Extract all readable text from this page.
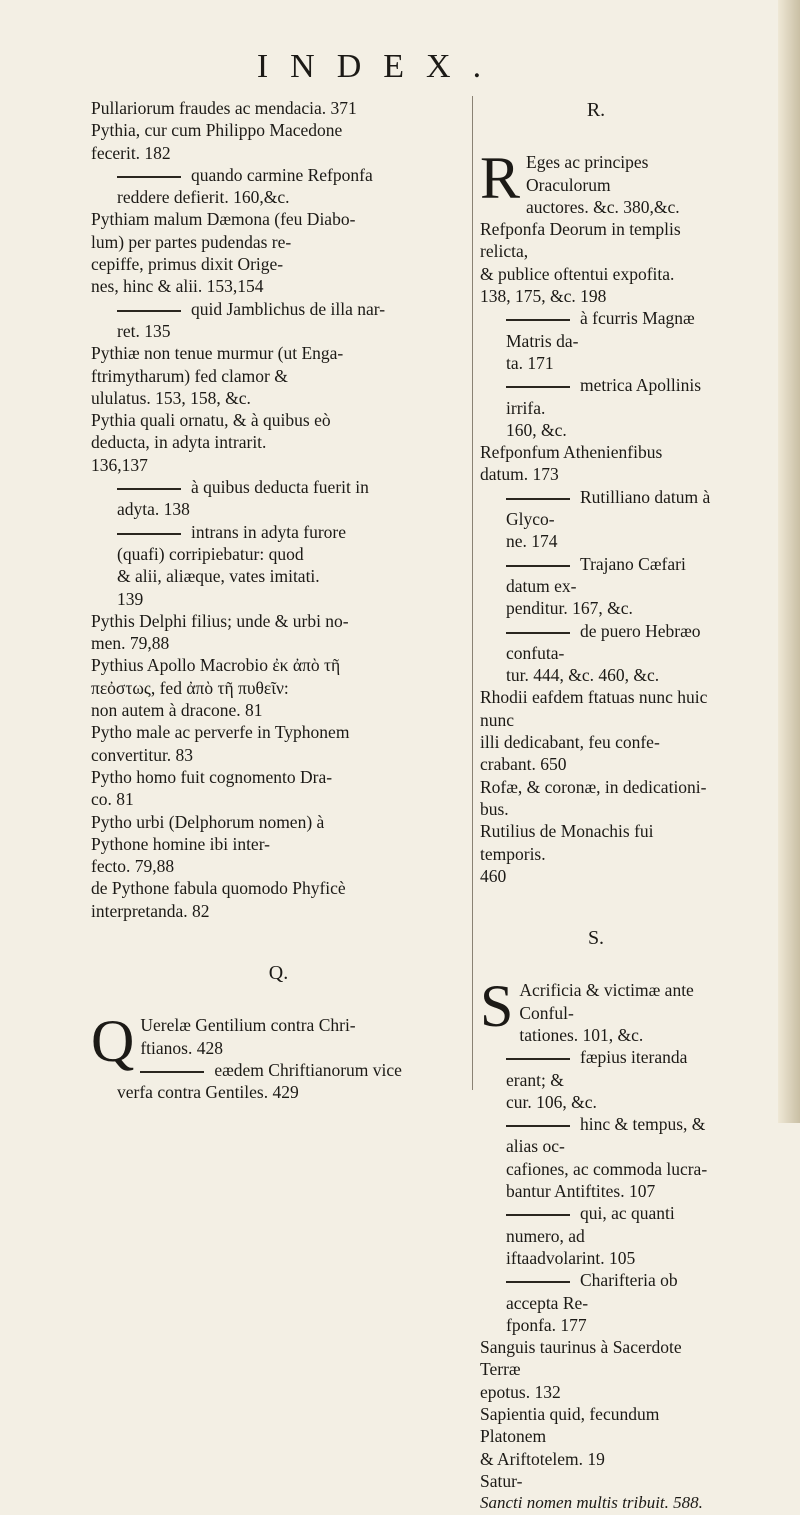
INDEX.
Pullariorum fraudes ac mendacia. 371
Pythia, cur cum Philippo Macedone
fecerit. 182
quando carmine Refponfa
reddere defierit. 160,&c.
Pythiam malum Dæmona (feu Diabo-
lum) per partes pudendas re-
cepiffe, primus dixit Orige-
nes, hinc & alii. 153,154
quid Jamblichus de illa nar-
ret. 135
Pythiæ non tenue murmur (ut Enga-
ftrimytharum) fed clamor &
ululatus. 153, 158, &c.
Pythia quali ornatu, & à quibus eò
deducta, in adyta intrarit.
136,137
à quibus deducta fuerit in
adyta. 138
intrans in adyta furore
(quafi) corripiebatur: quod
& alii, aliæque, vates imitati.
139
Pythis Delphi filius; unde & urbi no-
men. 79,88
Pythius Apollo Macrobio ἐκ ἀπὸ τῆ
πεὀστως, fed ἀπὸ τῆ πυθεῖν:
non autem à dracone. 81
Pytho male ac perverfe in Typhonem
convertitur. 83
Pytho homo fuit cognomento Dra-
co. 81
Pytho urbi (Delphorum nomen) à
Pythone homine ibi inter-
fecto. 79,88
de Pythone fabula quomodo Phyficè
interpretanda. 82
Q.
Q Uerelæ Gentilium contra Chri-
ftianos. 428
eædem Chriftianorum vice
verfa contra Gentiles. 429
R.
R Eges ac principes Oraculorum
auctores. &c. 380,&c.
Refponfa Deorum in templis relicta,
& publice oftentui expofita.
138, 175, &c. 198
à fcurris Magnæ Matris da-
ta. 171
metrica Apollinis irrifa.
160, &c.
Refponfum Athenienfibus datum. 173
Rutilliano datum à Glyco-
ne. 174
Trajano Cæfari datum ex-
penditur. 167, &c.
de puero Hebræo confuta-
tur. 444, &c. 460, &c.
Rhodii eafdem ftatuas nunc huic nunc
illi dedicabant, feu confe-
crabant. 650
Rofæ, & coronæ, in dedicationi-
bus.
Rutilius de Monachis fui temporis.
460
S.
S Acrificia & victimæ ante Conful-
tationes. 101, &c.
fæpius iteranda erant; &
cur. 106, &c.
hinc & tempus, & alias oc-
cafiones, ac commoda lucra-
bantur Antiftites. 107
qui, ac quanti numero, ad
iftaadvolarint. 105
Charifteria ob accepta Re-
fponfa. 177
Sanguis taurinus à Sacerdote Terræ
epotus. 132
Sapientia quid, fecundum Platonem
& Ariftotelem. 19
Satur-
Sancti nomen multis tribuit. 588.
